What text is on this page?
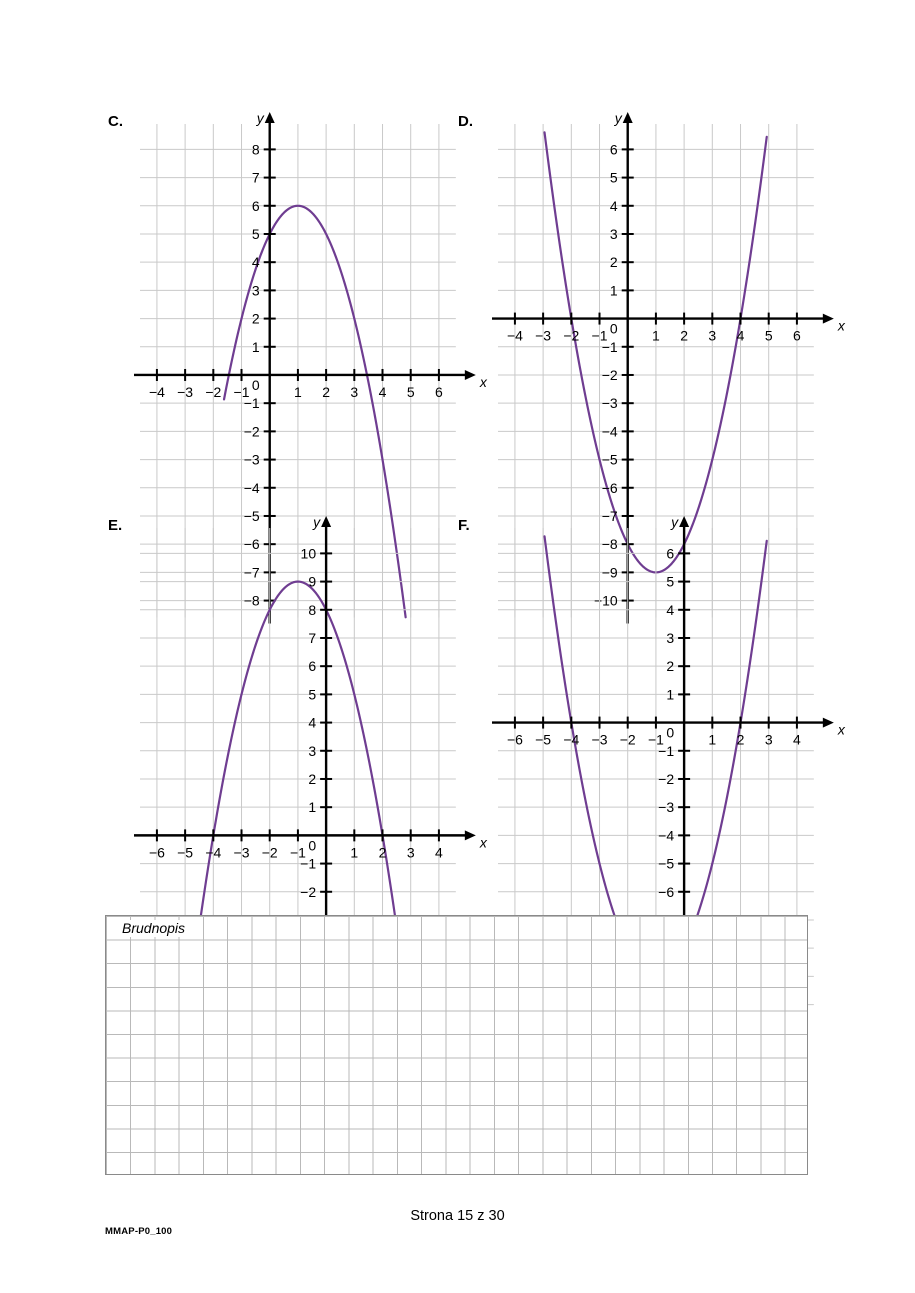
C.
−4 −3 −2 −1	1 2 3 4 5 6
8
7
6
5
4
3
2
1
−1
−2
−3
−4
−5
−6
−7
−8
0	x
y	D.
−4 −3 −2 −1	1 2 3 4 5 6
6
5
4
3
2
1
−1
−2
−3
−4
−5
−6
−7
−8
−9
−10
0	x
y
E.
−6 −5 −4 −3 −2 −1	1 2 3 4
10
9
8
7
6
5
4
3
2
1
−1
−2
0	x
y	F.
−6 −5 −4 −3 −2 −1	1 2 3 4
6
5
4
3
2
1
−1
−2
−3
−4
−5
−6
0	x
y
Brudnopis
Strona 15 z 30
MMAP-P0_100
